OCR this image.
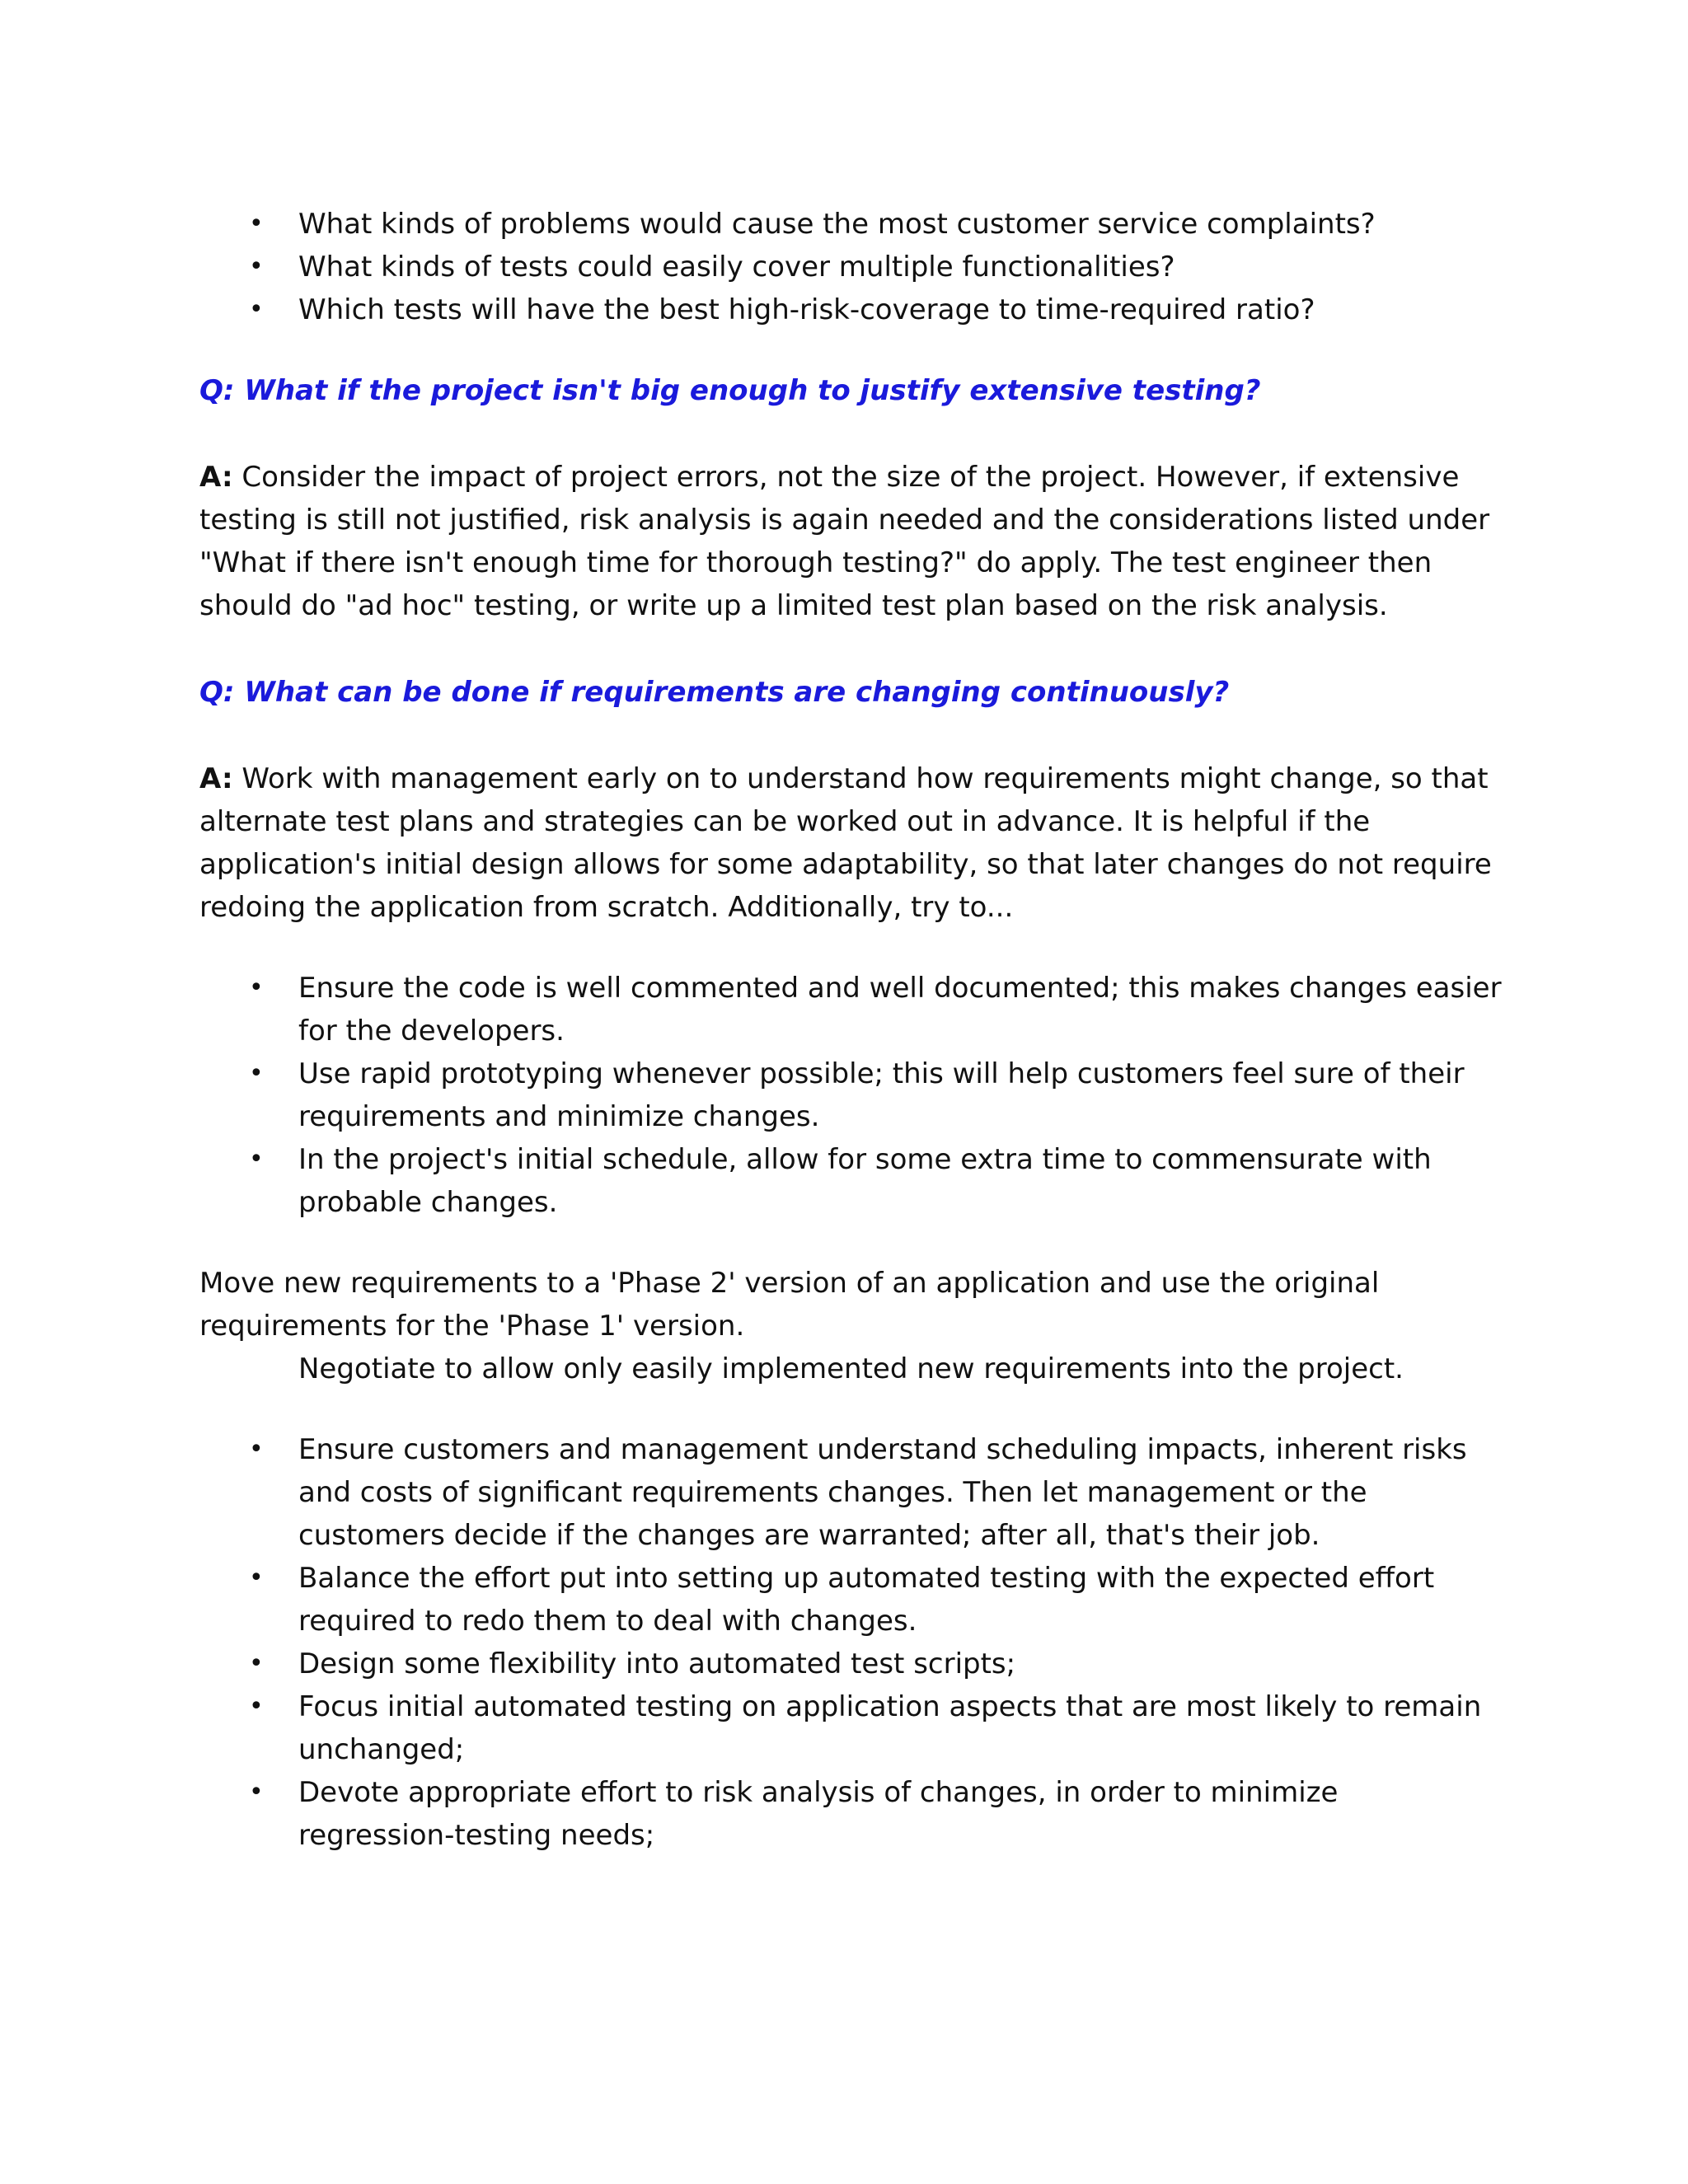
• What kinds of problems would cause the most customer service complaints?
• What kinds of tests could easily cover multiple functionalities?
• Which tests will have the best high-risk-coverage to time-required ratio?

Q: What if the project isn't big enough to justify extensive testing?

A: Consider the impact of project errors, not the size of the project. However, if extensive testing is still not justified, risk analysis is again needed and the considerations listed under "What if there isn't enough time for thorough testing?" do apply. The test engineer then should do "ad hoc" testing, or write up a limited test plan based on the risk analysis.

Q: What can be done if requirements are changing continuously?

A: Work with management early on to understand how requirements might change, so that alternate test plans and strategies can be worked out in advance. It is helpful if the application's initial design allows for some adaptability, so that later changes do not require redoing the application from scratch. Additionally, try to...

• Ensure the code is well commented and well documented; this makes changes easier for the developers.
• Use rapid prototyping whenever possible; this will help customers feel sure of their requirements and minimize changes.
• In the project's initial schedule, allow for some extra time to commensurate with probable changes.

Move new requirements to a 'Phase 2' version of an application and use the original requirements for the 'Phase 1' version.

Negotiate to allow only easily implemented new requirements into the project.

• Ensure customers and management understand scheduling impacts, inherent risks and costs of significant requirements changes. Then let management or the customers decide if the changes are warranted; after all, that's their job.
• Balance the effort put into setting up automated testing with the expected effort required to redo them to deal with changes.
• Design some flexibility into automated test scripts;
• Focus initial automated testing on application aspects that are most likely to remain unchanged;
• Devote appropriate effort to risk analysis of changes, in order to minimize regression-testing needs;
